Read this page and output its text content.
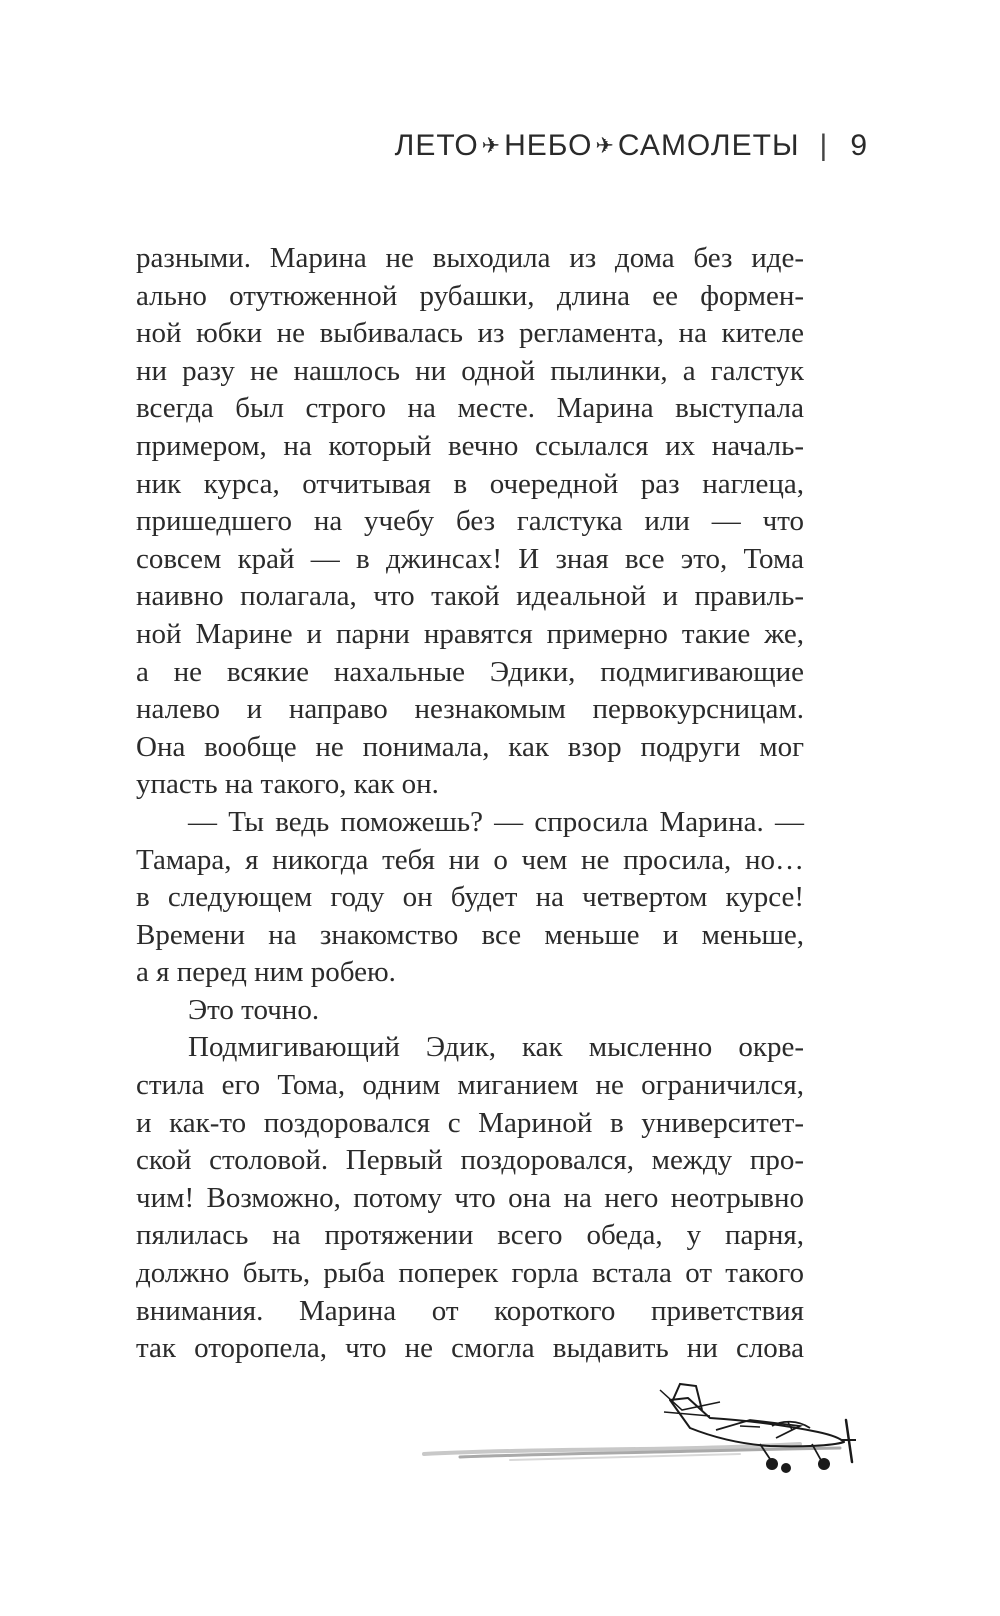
ЛЕТО ✈ НЕБО ✈ САМОЛЕТЫ | 9
разными. Марина не выходила из дома без иде-
ально отутюженной рубашки, длина ее формен-
ной юбки не выбивалась из регламента, на кителе
ни разу не нашлось ни одной пылинки, а галстук
всегда был строго на месте. Марина выступала
примером, на который вечно ссылался их началь-
ник курса, отчитывая в очередной раз наглеца,
пришедшего на учебу без галстука или — что
совсем край — в джинсах! И зная все это, Тома
наивно полагала, что такой идеальной и правиль-
ной Марине и парни нравятся примерно такие же,
а не всякие нахальные Эдики, подмигивающие
налево и направо незнакомым первокурсницам.
Она вообще не понимала, как взор подруги мог
упасть на такого, как он.
— Ты ведь поможешь? — спросила Марина. —
Тамара, я никогда тебя ни о чем не просила, но…
в следующем году он будет на четвертом курсе!
Времени на знакомство все меньше и меньше,
а я перед ним робею.
Это точно.
Подмигивающий Эдик, как мысленно окре-
стила его Тома, одним миганием не ограничился,
и как-то поздоровался с Мариной в университет-
ской столовой. Первый поздоровался, между про-
чим! Возможно, потому что она на него неотрывно
пялилась на протяжении всего обеда, у парня,
должно быть, рыба поперек горла встала от такого
внимания. Марина от короткого приветствия
так оторопела, что не смогла выдавить ни слова
